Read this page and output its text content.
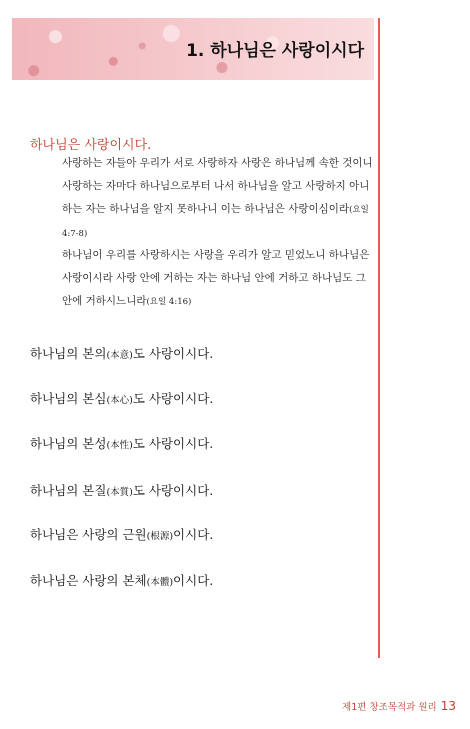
1. 하나님은 사랑이시다
하나님은 사랑이시다.
사랑하는 자들아 우리가 서로 사랑하자 사랑은 하나님께 속한 것이니 사랑하는 자마다 하나님으로부터 나서 하나님을 알고 사랑하지 아니하는 자는 하나님을 알지 못하나니 이는 하나님은 사랑이심이라(요일 4:7-8)
하나님이 우리를 사랑하시는 사랑을 우리가 알고 믿었노니 하나님은 사랑이시라 사랑 안에 거하는 자는 하나님 안에 거하고 하나님도 그 안에 거하시느니라(요일 4:16)
하나님의 본의(本意)도 사랑이시다.
하나님의 본심(本心)도 사랑이시다.
하나님의 본성(本性)도 사랑이시다.
하나님의 본질(本質)도 사랑이시다.
하나님은 사랑의 근원(根源)이시다.
하나님은 사랑의 본체(本體)이시다.
제1편 창조목적과 원리 13
